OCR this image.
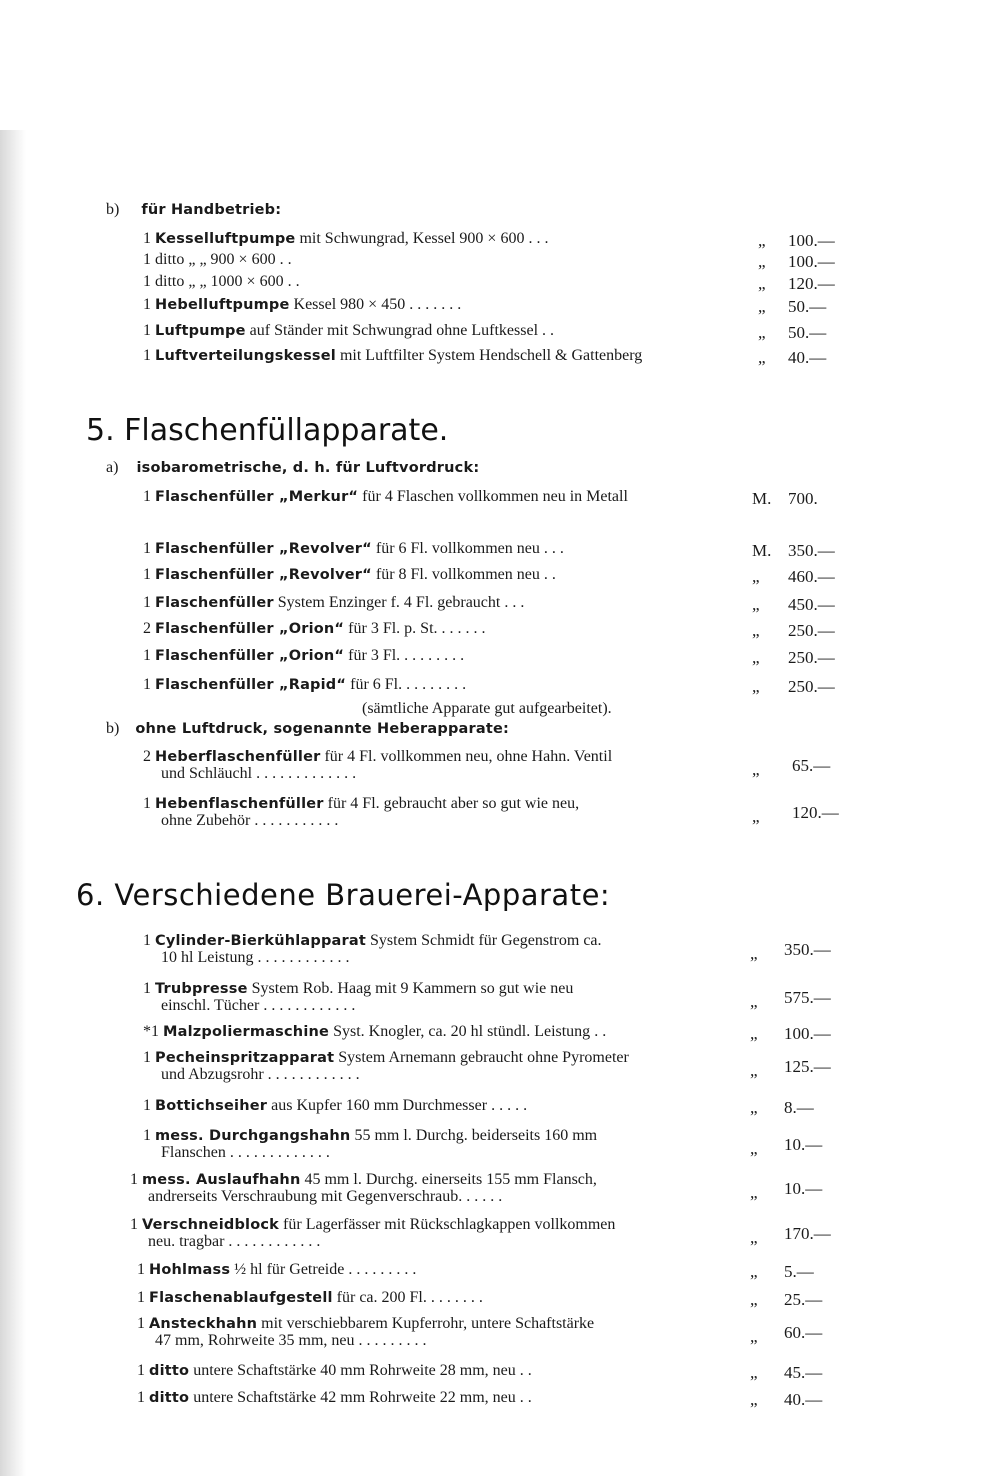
b) für Handbetrieb:
1 Kesselluftpumpe mit Schwungrad, Kessel 900 × 600 . . .	„ 100.—
1 ditto „ „ 900 × 600 . .	„ 100.—
1 ditto „ „ 1000 × 600 . .	„ 120.—
1 Hebelluftpumpe Kessel 980 × 450 . . . . . . .	„ 50.—
1 Luftpumpe auf Ständer mit Schwungrad ohne Luftkessel . .	„ 50.—
1 Luftverteilungskessel mit Luftfilter System Hendschell & Gattenberg	„ 40.—
5. Flaschenfüllapparate.
a) isobarometrische, d. h. für Luftvordruck:
1 Flaschenfüller „Merkur“ für 4 Flaschen vollkommen neu in Metall	M. 700.
1 Flaschenfüller „Revolver“ für 6 Fl. vollkommen neu . . .	M. 350.—
1 Flaschenfüller „Revolver“ für 8 Fl. vollkommen neu . .	„ 460.—
1 Flaschenfüller System Enzinger f. 4 Fl. gebraucht . . .	„ 450.—
2 Flaschenfüller „Orion“ für 3 Fl. p. St. . . . . . .	„ 250.—
1 Flaschenfüller „Orion“ für 3 Fl. . . . . . . . .	„ 250.—
1 Flaschenfüller „Rapid“ für 6 Fl. . . . . . . . .	„ 250.—
(sämtliche Apparate gut aufgearbeitet).
b) ohne Luftdruck, sogenannte Heberapparate:
2 Heberflaschenfüller für 4 Fl. vollkommen neu, ohne Hahn. Ventil
und Schläuchl . . . . . . . . . . . . .	„ 65.—
1 Hebenflaschenfüller für 4 Fl. gebraucht aber so gut wie neu,
ohne Zubehör . . . . . . . . . . .	„ 120.—
6. Verschiedene Brauerei-Apparate:
1 Cylinder-Bierkühlapparat System Schmidt für Gegenstrom ca.
10 hl Leistung . . . . . . . . . . . .	„ 350.—
1 Trubpresse System Rob. Haag mit 9 Kammern so gut wie neu
einschl. Tücher . . . . . . . . . . . .	„ 575.—
*1 Malzpoliermaschine Syst. Knogler, ca. 20 hl stündl. Leistung . .	„ 100.—
1 Pecheinspritzapparat System Arnemann gebraucht ohne Pyrometer
und Abzugsrohr . . . . . . . . . . . .	„ 125.—
1 Bottichseiher aus Kupfer 160 mm Durchmesser . . . . .	„ 8.—
1 mess. Durchgangshahn 55 mm l. Durchg. beiderseits 160 mm
Flanschen . . . . . . . . . . . . .	„ 10.—
1 mess. Auslaufhahn 45 mm l. Durchg. einerseits 155 mm Flansch,
andrerseits Verschraubung mit Gegenverschraub. . . . . .	„ 10.—
1 Verschneidblock für Lagerfässer mit Rückschlagkappen vollkommen
neu. tragbar . . . . . . . . . . . .	„ 170.—
1 Hohlmass ½ hl für Getreide . . . . . . . . .	„ 5.—
1 Flaschenablaufgestell für ca. 200 Fl. . . . . . . .	„ 25.—
1 Ansteckhahn mit verschiebbarem Kupferrohr, untere Schaftstärke
47 mm, Rohrweite 35 mm, neu . . . . . . . . .	„ 60.—
1 ditto untere Schaftstärke 40 mm Rohrweite 28 mm, neu . .	„ 45.—
1 ditto untere Schaftstärke 42 mm Rohrweite 22 mm, neu . .	„ 40.—
